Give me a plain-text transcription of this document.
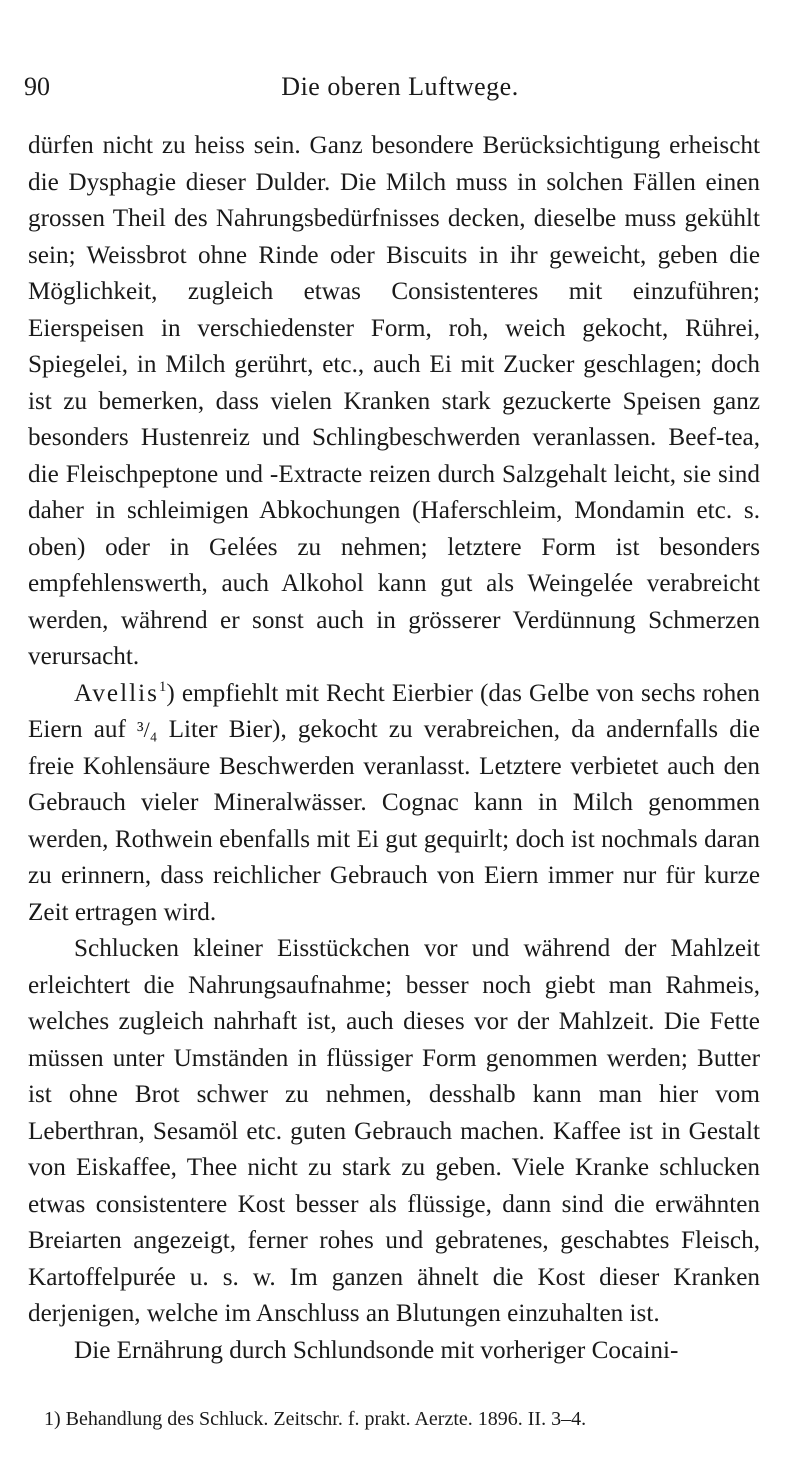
90	Die oberen Luftwege.

dürfen nicht zu heiss sein. Ganz besondere Berücksichtigung erheischt die Dysphagie dieser Dulder. Die Milch muss in solchen Fällen einen grossen Theil des Nahrungsbedürfnisses decken, dieselbe muss gekühlt sein; Weissbrot ohne Rinde oder Biscuits in ihr geweicht, geben die Möglichkeit, zugleich etwas Consistenteres mit einzuführen; Eierspeisen in verschiedenster Form, roh, weich gekocht, Rührei, Spiegelei, in Milch gerührt, etc., auch Ei mit Zucker geschlagen; doch ist zu bemerken, dass vielen Kranken stark gezuckerte Speisen ganz besonders Hustenreiz und Schlingbeschwerden veranlassen. Beef-tea, die Fleischpeptone und -Extracte reizen durch Salzgehalt leicht, sie sind daher in schleimigen Abkochungen (Haferschleim, Mondamin etc. s. oben) oder in Gelées zu nehmen; letztere Form ist besonders empfehlenswerth, auch Alkohol kann gut als Weingelée verabreicht werden, während er sonst auch in grösserer Verdünnung Schmerzen verursacht.

Avellis$^1$) empfiehlt mit Recht Eierbier (das Gelbe von sechs rohen Eiern auf ³/₄ Liter Bier), gekocht zu verabreichen, da andernfalls die freie Kohlensäure Beschwerden veranlasst. Letztere verbietet auch den Gebrauch vieler Mineralwässer. Cognac kann in Milch genommen werden, Rothwein ebenfalls mit Ei gut gequirlt; doch ist nochmals daran zu erinnern, dass reichlicher Gebrauch von Eiern immer nur für kurze Zeit ertragen wird.

Schlucken kleiner Eisstückchen vor und während der Mahlzeit erleichtert die Nahrungsaufnahme; besser noch giebt man Rahmeis, welches zugleich nahrhaft ist, auch dieses vor der Mahlzeit. Die Fette müssen unter Umständen in flüssiger Form genommen werden; Butter ist ohne Brot schwer zu nehmen, desshalb kann man hier vom Leberthran, Sesamöl etc. guten Gebrauch machen. Kaffee ist in Gestalt von Eiskaffee, Thee nicht zu stark zu geben. Viele Kranke schlucken etwas consistentere Kost besser als flüssige, dann sind die erwähnten Breiarten angezeigt, ferner rohes und gebratenes, geschabtes Fleisch, Kartoffelpurée u. s. w. Im ganzen ähnelt die Kost dieser Kranken derjenigen, welche im Anschluss an Blutungen einzuhalten ist.

Die Ernährung durch Schlundsonde mit vorheriger Cocaini-

1) Behandlung des Schluck. Zeitschr. f. prakt. Aerzte. 1896. II. 3–4.
